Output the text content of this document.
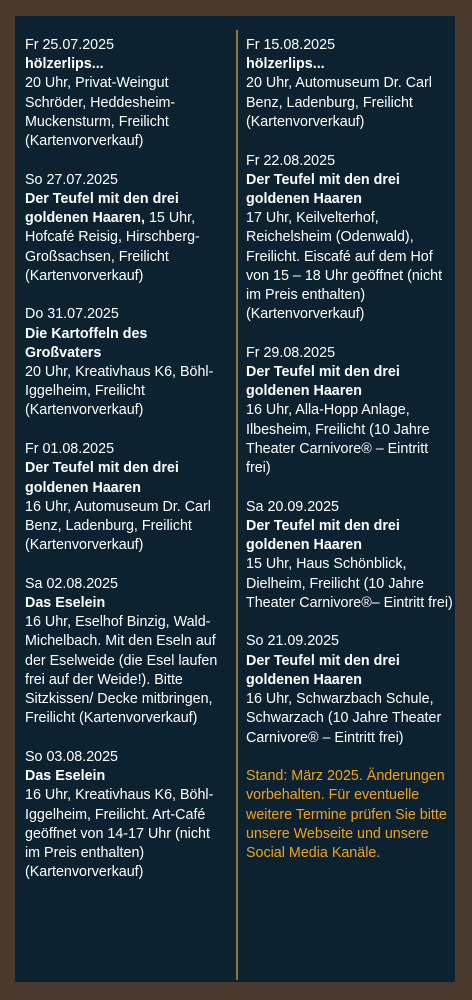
Fr 25.07.2025
hölzerlips...
20 Uhr, Privat-Weingut Schröder, Heddesheim-Muckensturm, Freilicht (Kartenvorverkauf)
So 27.07.2025
Der Teufel mit den drei goldenen Haaren, 15 Uhr, Hofcafé Reisig, Hirschberg-Großsachsen, Freilicht (Kartenvorverkauf)
Do 31.07.2025
Die Kartoffeln des Großvaters
20 Uhr, Kreativhaus K6, Böhl-Iggelheim, Freilicht (Kartenvorverkauf)
Fr 01.08.2025
Der Teufel mit den drei goldenen Haaren
16 Uhr, Automuseum Dr. Carl Benz, Ladenburg, Freilicht (Kartenvorverkauf)
Sa 02.08.2025
Das Eselein
16 Uhr, Eselhof Binzig, Wald-Michelbach. Mit den Eseln auf der Eselweide (die Esel laufen frei auf der Weide!). Bitte Sitzkissen/ Decke mitbringen, Freilicht (Kartenvorverkauf)
So 03.08.2025
Das Eselein
16 Uhr, Kreativhaus K6, Böhl-Iggelheim, Freilicht. Art-Café geöffnet von 14-17 Uhr (nicht im Preis enthalten) (Kartenvorverkauf)
Fr 15.08.2025
hölzerlips...
20 Uhr, Automuseum Dr. Carl Benz, Ladenburg, Freilicht (Kartenvorverkauf)
Fr 22.08.2025
Der Teufel mit den drei goldenen Haaren
17 Uhr, Keilvelterhof, Reichelsheim (Odenwald), Freilicht. Eiscafé auf dem Hof von 15 – 18 Uhr geöffnet (nicht im Preis enthalten) (Kartenvorverkauf)
Fr 29.08.2025
Der Teufel mit den drei goldenen Haaren
16 Uhr, Alla-Hopp Anlage, Ilbesheim, Freilicht (10 Jahre Theater Carnivore® – Eintritt frei)
Sa 20.09.2025
Der Teufel mit den drei goldenen Haaren
15 Uhr, Haus Schönblick, Dielheim, Freilicht (10 Jahre Theater Carnivore®– Eintritt frei)
So 21.09.2025
Der Teufel mit den drei goldenen Haaren
16 Uhr, Schwarzbach Schule, Schwarzach (10 Jahre Theater Carnivore® – Eintritt frei)
Stand: März 2025. Änderungen vorbehalten. Für eventuelle weitere Termine prüfen Sie bitte unsere Webseite und unsere Social Media Kanäle.
